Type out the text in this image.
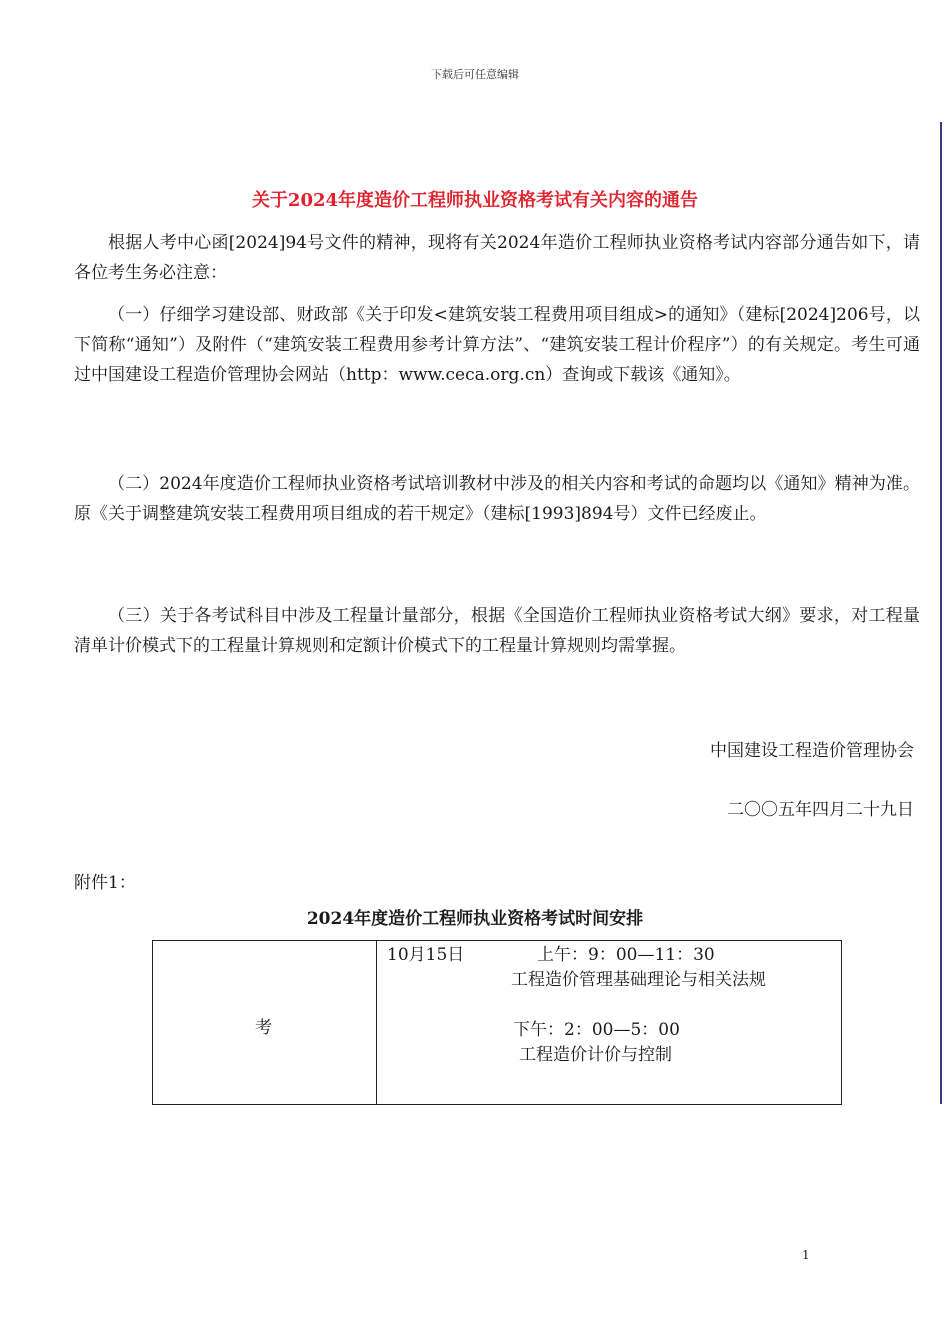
下载后可任意编辑
关于2024年度造价工程师执业资格考试有关内容的通告

根据人考中心函[2024]94号文件的精神，现将有关2024年造价工程师执业资格考试内容部分通告如下，请各位考生务必注意：

（一）仔细学习建设部、财政部《关于印发<建筑安装工程费用项目组成>的通知》（建标[2024]206号，以下简称“通知”）及附件（“建筑安装工程费用参考计算方法”、“建筑安装工程计价程序”）的有关规定。考生可通过中国建设工程造价管理协会网站（http：www.ceca.org.cn）查询或下载该《通知》。

（二）2024年度造价工程师执业资格考试培训教材中涉及的相关内容和考试的命题均以《通知》精神为准。原《关于调整建筑安装工程费用项目组成的若干规定》（建标[1993]894号）文件已经废止。

（三）关于各考试科目中涉及工程量计量部分，根据《全国造价工程师执业资格考试大纲》要求，对工程量清单计价模式下的工程量计算规则和定额计价模式下的工程量计算规则均需掌握。

中国建设工程造价管理协会
二〇〇五年四月二十九日
附件1：
2024年度造价工程师执业资格考试时间安排
考
10月15日	上午：9：00—11：30
工程造价管理基础理论与相关法规
下午：2：00—5：00
工程造价计价与控制
1
